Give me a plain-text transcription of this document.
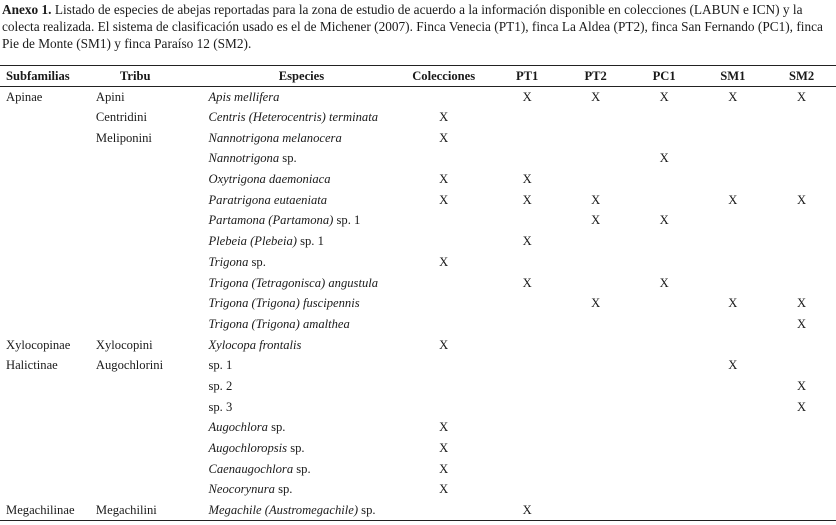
Anexo 1. Listado de especies de abejas reportadas para la zona de estudio de acuerdo a la información disponible en colecciones (LABUN e ICN) y la colecta realizada. El sistema de clasificación usado es el de Michener (2007). Finca Venecia (PT1), finca La Aldea (PT2), finca San Fernando (PC1), finca Pie de Monte (SM1) y finca Paraíso 12 (SM2).
Subfamilias	Tribu	Especies	Colecciones	PT1	PT2	PC1	SM1	SM2
Apinae	Apini	Apis mellifera		X	X	X	X	X
	Centridini	Centris (Heterocentris) terminata	X					
	Meliponini	Nannotrigona melanocera	X					
		Nannotrigona sp.				X		
		Oxytrigona daemoniaca	X	X				
		Paratrigona eutaeniata	X	X	X		X	X
		Partamona (Partamona) sp. 1			X	X		
		Plebeia (Plebeia) sp. 1		X				
		Trigona sp.	X					
		Trigona (Tetragonisca) angustula		X		X		
		Trigona (Trigona) fuscipennis			X		X	X
		Trigona (Trigona) amalthea						X
Xylocopinae	Xylocopini	Xylocopa frontalis	X					
Halictinae	Augochlorini	sp. 1					X	
		sp. 2						X
		sp. 3						X
		Augochlora sp.	X					
		Augochloropsis sp.	X					
		Caenaugochlora sp.	X					
		Neocorynura sp.	X					
Megachilinae	Megachilini	Megachile (Austromegachile) sp.		X				
